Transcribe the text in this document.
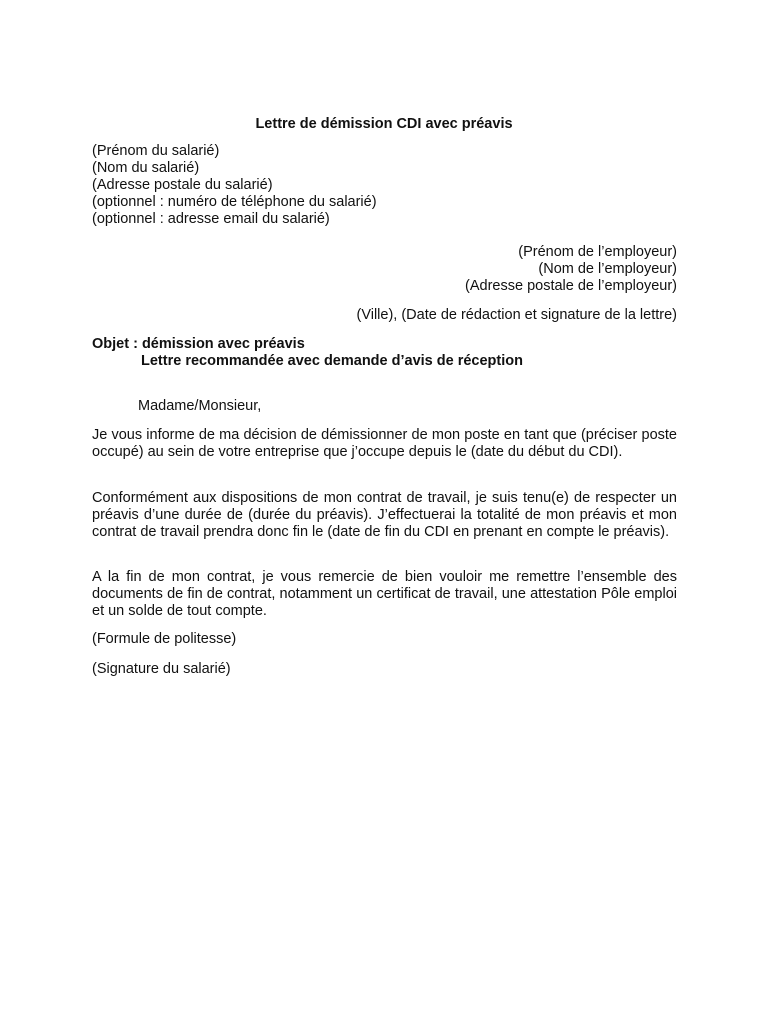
Lettre de démission CDI avec préavis
(Prénom du salarié)
(Nom du salarié)
(Adresse postale du salarié)
(optionnel : numéro de téléphone du salarié)
(optionnel : adresse email du salarié)
(Prénom de l’employeur)
(Nom de l’employeur)
(Adresse postale de l’employeur)
(Ville), (Date de rédaction et signature de la lettre)
Objet : démission avec préavis
Lettre recommandée avec demande d’avis de réception
Madame/Monsieur,
Je vous informe de ma décision de démissionner de mon poste en tant que (préciser poste occupé) au sein de votre entreprise que j’occupe depuis le (date du début du CDI).
Conformément aux dispositions de mon contrat de travail, je suis tenu(e) de respecter un préavis d’une durée de (durée du préavis). J’effectuerai la totalité de mon préavis et mon contrat de travail prendra donc fin le (date de fin du CDI en prenant en compte le préavis).
A la fin de mon contrat, je vous remercie de bien vouloir me remettre l’ensemble des documents de fin de contrat, notamment un certificat de travail, une attestation Pôle emploi et un solde de tout compte.
(Formule de politesse)
(Signature du salarié)
